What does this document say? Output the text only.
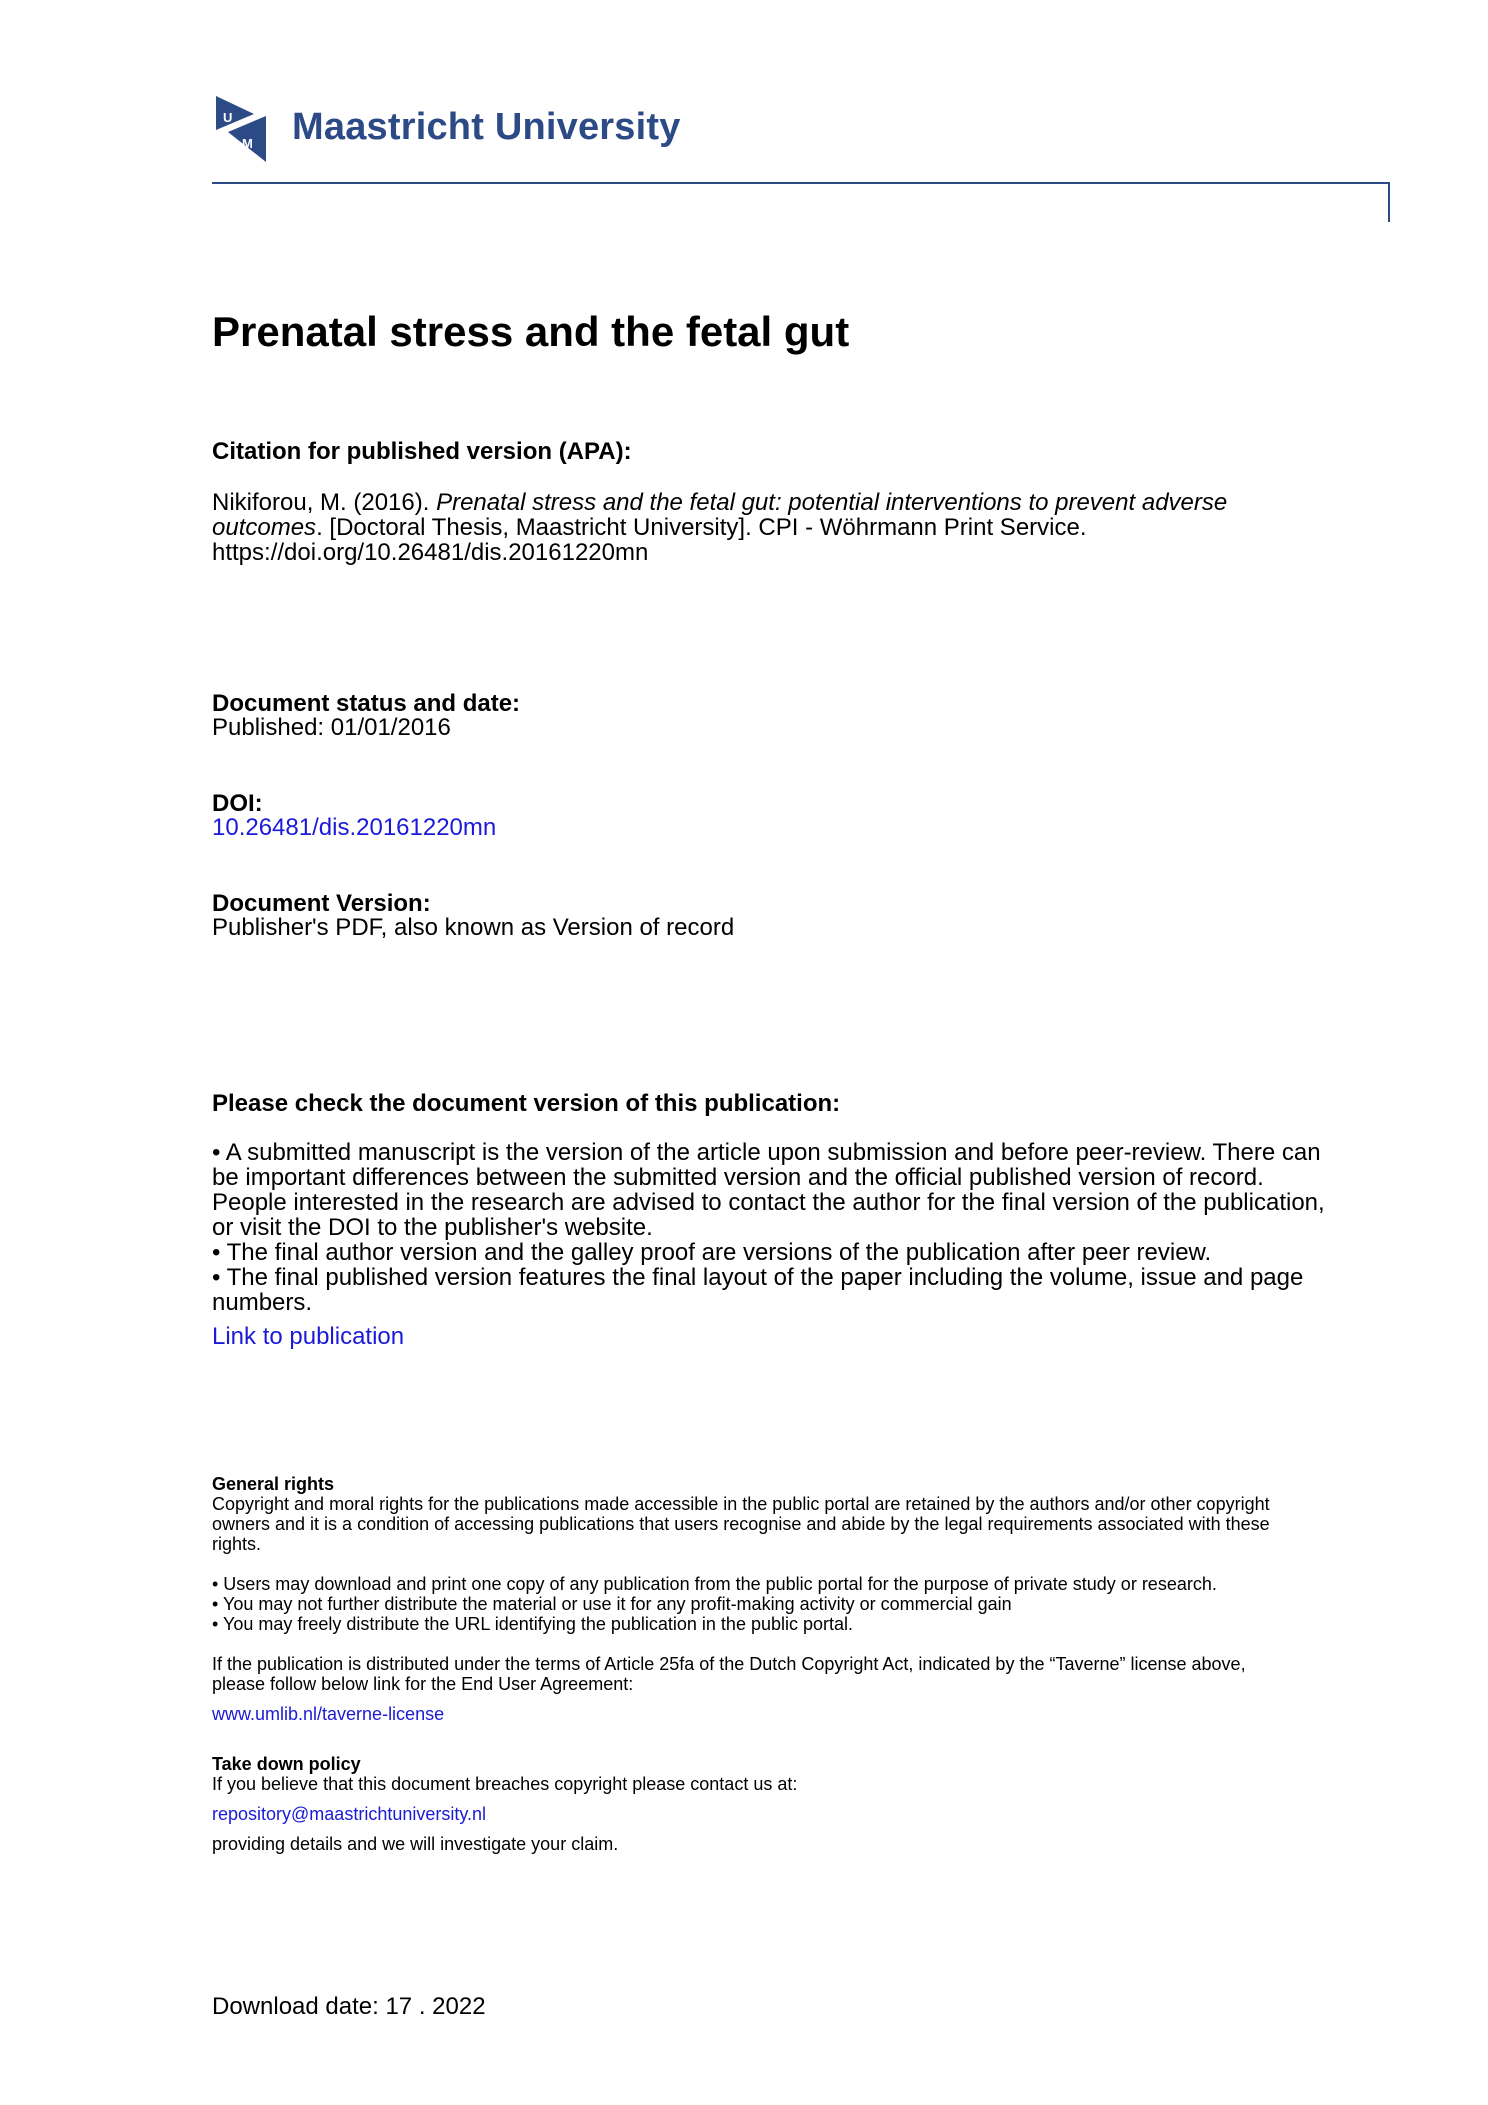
U
M Maastricht University
Prenatal stress and the fetal gut
Citation for published version (APA):
Nikiforou, M. (2016). Prenatal stress and the fetal gut: potential interventions to prevent adverse
outcomes. [Doctoral Thesis, Maastricht University]. CPI - Wöhrmann Print Service.
https://doi.org/10.26481/dis.20161220mn
Document status and date:
Published: 01/01/2016
DOI:
10.26481/dis.20161220mn
Document Version:
Publisher's PDF, also known as Version of record
Please check the document version of this publication:
• A submitted manuscript is the version of the article upon submission and before peer-review. There can
be important differences between the submitted version and the official published version of record.
People interested in the research are advised to contact the author for the final version of the publication,
or visit the DOI to the publisher's website.
• The final author version and the galley proof are versions of the publication after peer review.
• The final published version features the final layout of the paper including the volume, issue and page
numbers.
Link to publication
General rights
Copyright and moral rights for the publications made accessible in the public portal are retained by the authors and/or other copyright
owners and it is a condition of accessing publications that users recognise and abide by the legal requirements associated with these
rights.
• Users may download and print one copy of any publication from the public portal for the purpose of private study or research.
• You may not further distribute the material or use it for any profit-making activity or commercial gain
• You may freely distribute the URL identifying the publication in the public portal.
If the publication is distributed under the terms of Article 25fa of the Dutch Copyright Act, indicated by the “Taverne” license above,
please follow below link for the End User Agreement:
www.umlib.nl/taverne-license
Take down policy
If you believe that this document breaches copyright please contact us at:
repository@maastrichtuniversity.nl
providing details and we will investigate your claim.
Download date: 17 . 2022
